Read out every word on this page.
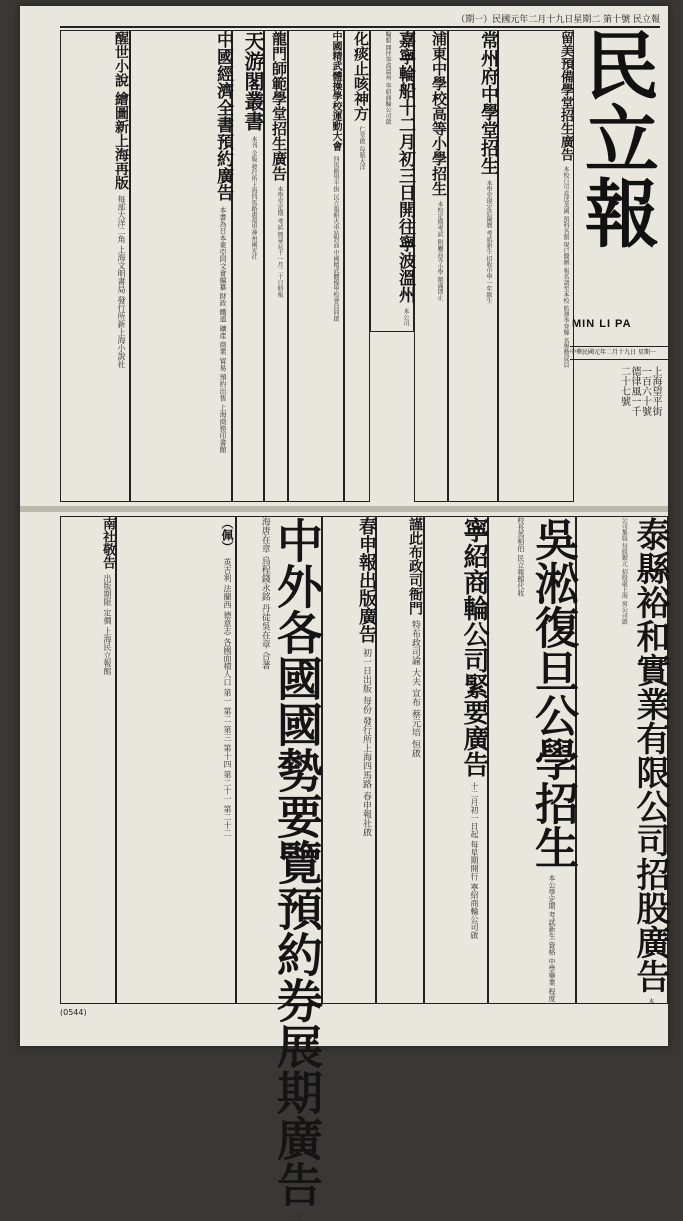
（期一）民國元年二月十九日星期二 第十號 民立報
民
立
報
MIN LI PA
中華民國元年二月十九日 星期一
上海望平街
一百六十號
德律風一千
二十七號
留美預備學堂招生廣告 本校日可直送美國 預科名額 現已開辦 報名請至本校 監督李登輝 名譽贊成員
常州府中學堂招生 本學堂現定於陽曆 考試新生 招收中學一年級生
浦東中學校高等小學招生 本校定期考試 附屬高等小學 額滿即止
嘉寧輪船十二月初三日開往寧波溫州 本公司輪船 開往寧波溫州 寧紹商輪公司啟
化痰止咳神方 仁堂啟 每瓶大洋
中國精武體操學校運動大會 四馬路望平街 民立報館火車站對面 中國精武體操學校會員同啟
龍門師範學堂招生廣告 本學堂定期 考試 簡章見十一月二十日時報
天游閣叢書 本刊 全版 發行所上海四馬路惠福里神州國光社
中國經濟全書預約廣告 本書為日本東亞同文會編纂 財政 鐵道 礦產 商業 貿易 預約出售 上海商務印書館
醒世小說 繪圖新上海再版 每部大洋二角 上海文明書局 發行所新上海小說社
泰縣裕和實業有限公司招股廣告 本公司集股 每股銀元 招股處上海 寓公司啟
吳淞復旦公學招生 本公學定期 考試新生 資格 中學畢業 程度 校長馬相伯 民立報館代收
寧紹商輪公司緊要廣告 十二月初一日起 每星期開行 寧紹商輪公司啟
謹此布政司衙門 特布政司諭 大夫 宣布 蔡元培 恒啟
春申報出版廣告 初一日出版 每份 發行所上海四馬路 春申報社啟
中外各國國勢要覽預約券展期廣告 上海唐在章 烏程錢永銘 丹徒吳在章 合著
（佩） 英吉利 法蘭西 德意志 各國面積人口 第一 第二 第三 第十四 第二十一 第二十二
南社敬告 出版期限 定價 上海民立報館
(0544)
